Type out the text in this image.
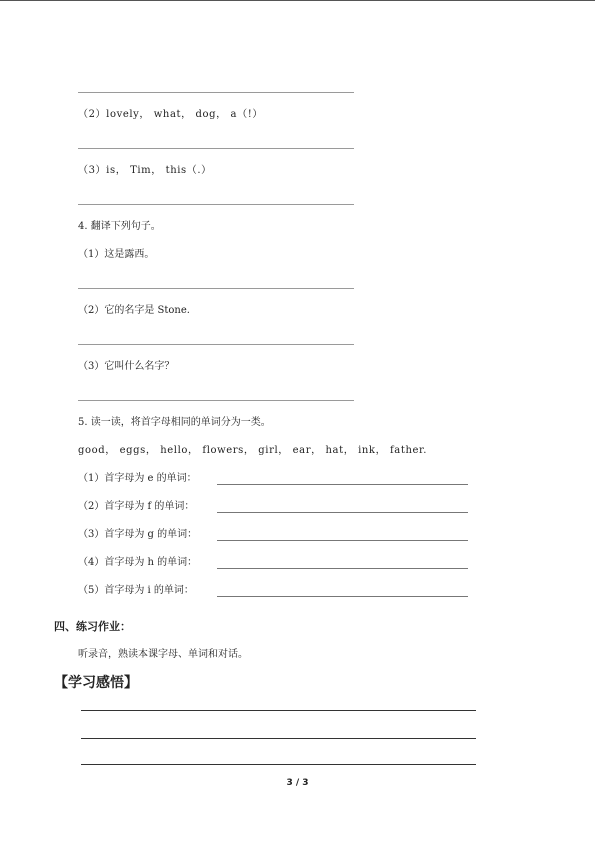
（2）lovely， what， dog， a（!）
（3）is， Tim， this（.）
4. 翻译下列句子。
（1）这是露西。
（2）它的名字是 Stone.
（3）它叫什么名字？
5. 读一读，将首字母相同的单词分为一类。
good， eggs， hello， flowers， girl， ear， hat， ink， father.
（1）首字母为 e 的单词：
（2）首字母为 f 的单词：
（3）首字母为 g 的单词：
（4）首字母为 h 的单词：
（5）首字母为 i 的单词：
四、练习作业：
听录音，熟读本课字母、单词和对话。
【学习感悟】
3 / 3
